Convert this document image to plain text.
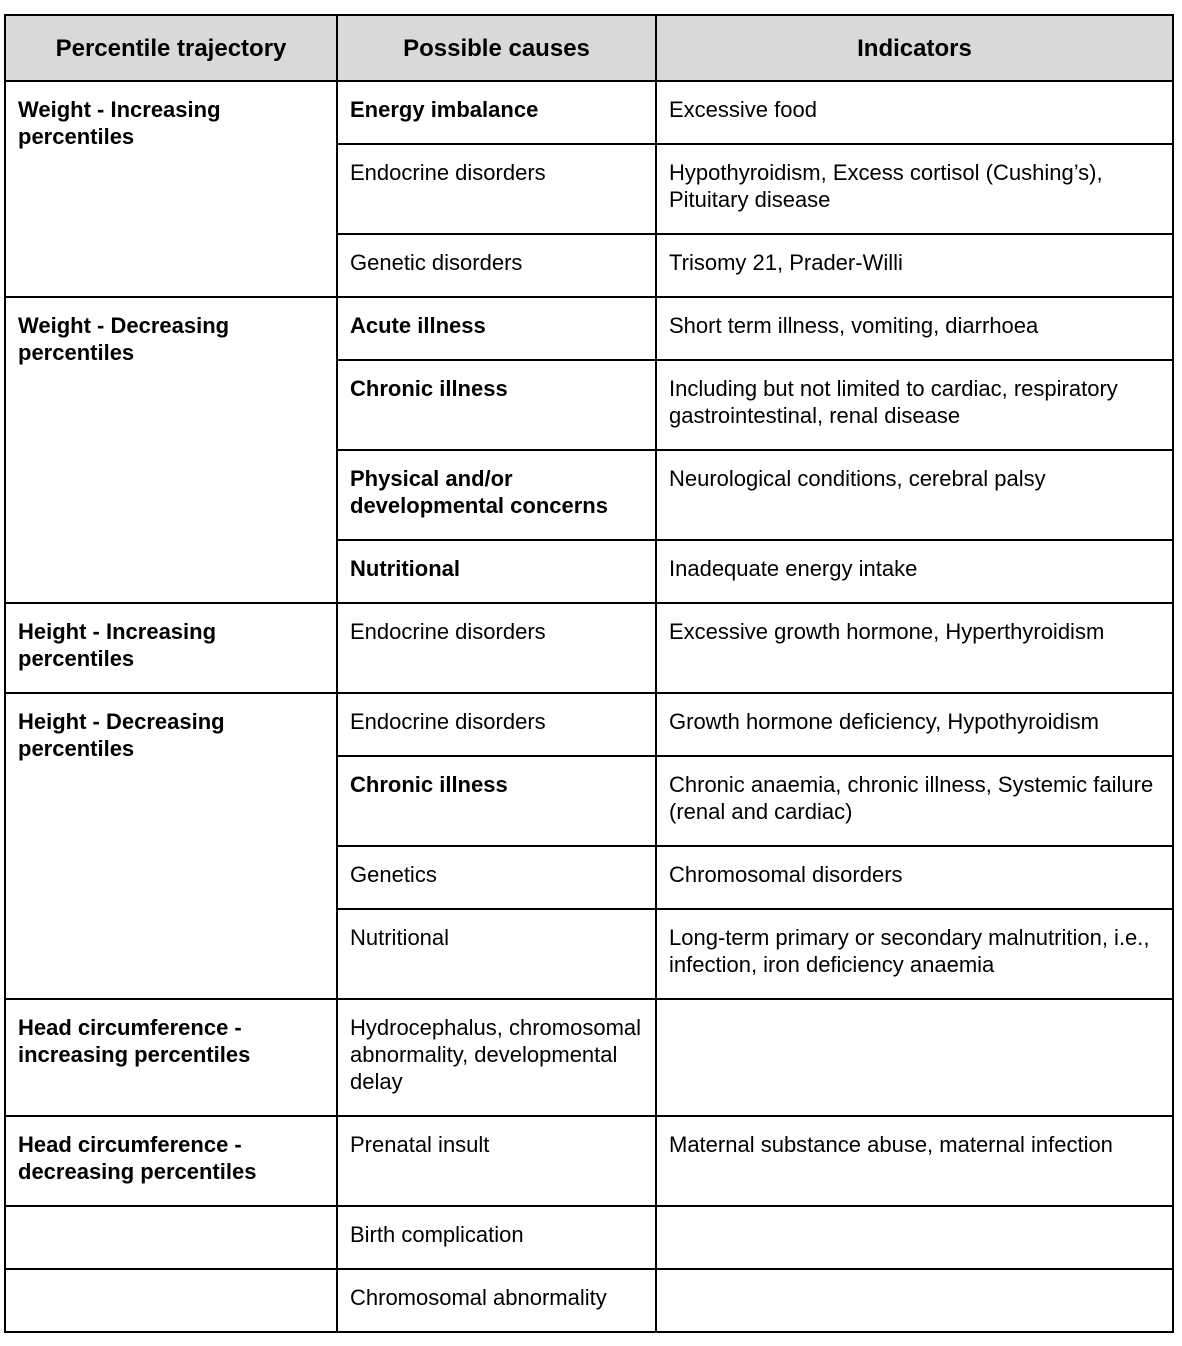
Percentile trajectory	Possible causes	Indicators
Weight - Increasing percentiles	Energy imbalance	Excessive food
	Endocrine disorders	Hypothyroidism, Excess cortisol (Cushing’s), Pituitary disease
	Genetic disorders	Trisomy 21, Prader-Willi
Weight - Decreasing percentiles	Acute illness	Short term illness, vomiting, diarrhoea
	Chronic illness	Including but not limited to cardiac, respiratory gastrointestinal, renal disease
	Physical and/or developmental concerns	Neurological conditions, cerebral palsy
	Nutritional	Inadequate energy intake
Height - Increasing percentiles	Endocrine disorders	Excessive growth hormone, Hyperthyroidism
Height - Decreasing percentiles	Endocrine disorders	Growth hormone deficiency, Hypothyroidism
	Chronic illness	Chronic anaemia, chronic illness, Systemic failure (renal and cardiac)
	Genetics	Chromosomal disorders
	Nutritional	Long-term primary or secondary malnutrition, i.e., infection, iron deficiency anaemia
Head circumference - increasing percentiles	Hydrocephalus, chromosomal abnormality, developmental delay	
Head circumference - decreasing percentiles	Prenatal insult	Maternal substance abuse, maternal infection
	Birth complication	
	Chromosomal abnormality	
